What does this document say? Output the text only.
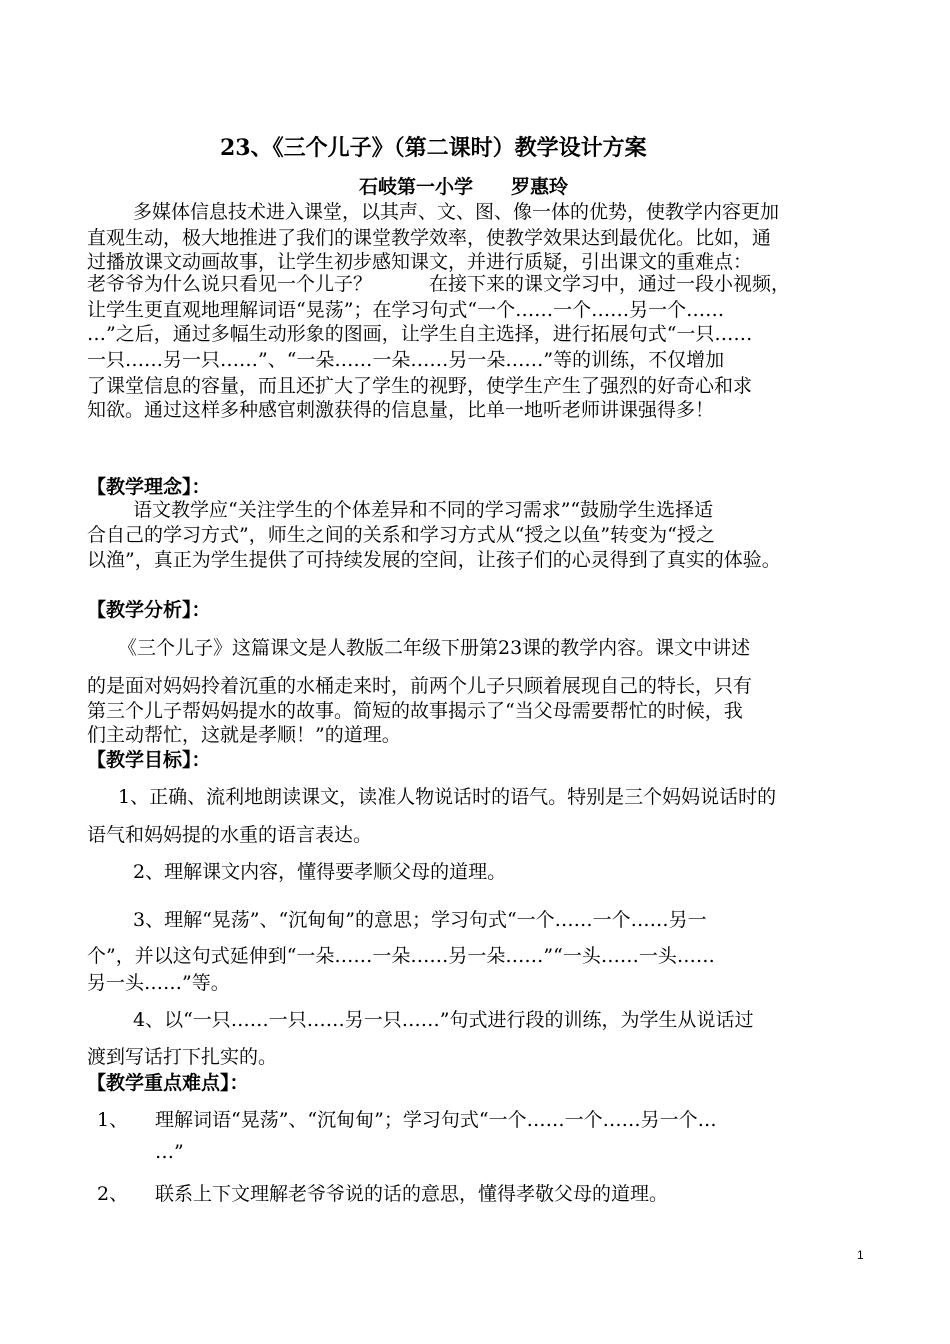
23、《三个儿子》（第二课时）教学设计方案
石岐第一小学　　罗惠玲
多媒体信息技术进入课堂，以其声、文、图、像一体的优势，使教学内容更加
直观生动，极大地推进了我们的课堂教学效率，使教学效果达到最优化。比如，通
过播放课文动画故事，让学生初步感知课文，并进行质疑，引出课文的重难点：
老爷爷为什么说只看见一个儿子？　　　在接下来的课文学习中，通过一段小视频，
让学生更直观地理解词语“晃荡”；在学习句式“一个……一个……另一个……
…”之后，通过多幅生动形象的图画，让学生自主选择，进行拓展句式“一只……
一只……另一只……”、“一朵……一朵……另一朵……”等的训练，不仅增加
了课堂信息的容量，而且还扩大了学生的视野，使学生产生了强烈的好奇心和求
知欲。通过这样多种感官刺激获得的信息量，比单一地听老师讲课强得多！
【教学理念】：
语文教学应“关注学生的个体差异和不同的学习需求”“鼓励学生选择适
合自己的学习方式”，师生之间的关系和学习方式从“授之以鱼”转变为“授之
以渔”，真正为学生提供了可持续发展的空间，让孩子们的心灵得到了真实的体验。
【教学分析】：
《三个儿子》这篇课文是人教版二年级下册第23课的教学内容。课文中讲述
的是面对妈妈拎着沉重的水桶走来时，前两个儿子只顾着展现自己的特长，只有
第三个儿子帮妈妈提水的故事。简短的故事揭示了“当父母需要帮忙的时候，我
们主动帮忙，这就是孝顺！”的道理。
【教学目标】：
1、正确、流利地朗读课文，读准人物说话时的语气。特别是三个妈妈说话时的
语气和妈妈提的水重的语言表达。
2、理解课文内容，懂得要孝顺父母的道理。
3、理解“晃荡”、“沉甸甸”的意思；学习句式“一个……一个……另一
个”，并以这句式延伸到“一朵……一朵……另一朵……”“一头……一头……
另一头……”等。
4、以“一只……一只……另一只……”句式进行段的训练，为学生从说话过
渡到写话打下扎实的。
【教学重点难点】：
1、 理解词语“晃荡”、“沉甸甸”；学习句式“一个……一个……另一个…
…”
2、 联系上下文理解老爷爷说的话的意思，懂得孝敬父母的道理。
1
